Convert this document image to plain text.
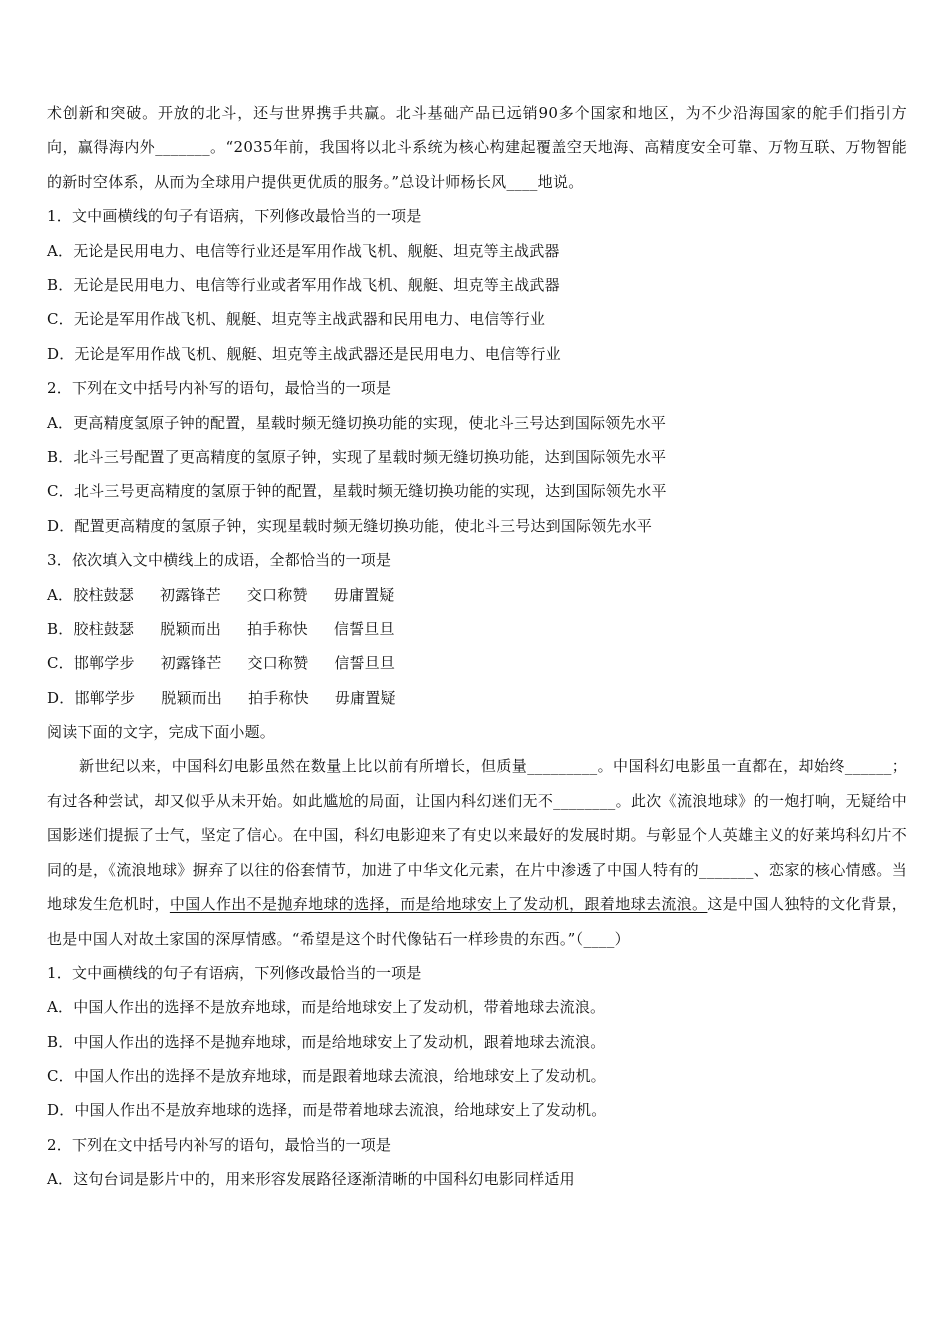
术创新和突破。开放的北斗，还与世界携手共赢。北斗基础产品已远销90多个国家和地区，为不少沿海国家的舵手们指引方向，赢得海内外_______。“2035年前，我国将以北斗系统为核心构建起覆盖空天地海、高精度安全可靠、万物互联、万物智能的新时空体系，从而为全球用户提供更优质的服务。”总设计师杨长风____地说。

1．文中画横线的句子有语病，下列修改最恰当的一项是
A．无论是民用电力、电信等行业还是军用作战飞机、舰艇、坦克等主战武器
B．无论是民用电力、电信等行业或者军用作战飞机、舰艇、坦克等主战武器
C．无论是军用作战飞机、舰艇、坦克等主战武器和民用电力、电信等行业
D．无论是军用作战飞机、舰艇、坦克等主战武器还是民用电力、电信等行业
2．下列在文中括号内补写的语句，最恰当的一项是
A．更高精度氢原子钟的配置，星载时频无缝切换功能的实现，使北斗三号达到国际领先水平
B．北斗三号配置了更高精度的氢原子钟，实现了星载时频无缝切换功能，达到国际领先水平
C．北斗三号更高精度的氢原于钟的配置，星载时频无缝切换功能的实现，达到国际领先水平
D．配置更高精度的氢原子钟，实现星载时频无缝切换功能，使北斗三号达到国际领先水平
3．依次填入文中横线上的成语，全都恰当的一项是
A．胶柱鼓瑟 初露锋芒 交口称赞 毋庸置疑
B．胶柱鼓瑟 脱颖而出 拍手称快 信誓旦旦
C．邯郸学步 初露锋芒 交口称赞 信誓旦旦
D．邯郸学步 脱颖而出 拍手称快 毋庸置疑
阅读下面的文字，完成下面小题。

新世纪以来，中国科幻电影虽然在数量上比以前有所增长，但质量_________。中国科幻电影虽一直都在，却始终______；有过各种尝试，却又似乎从未开始。如此尴尬的局面，让国内科幻迷们无不________。此次《流浪地球》的一炮打响，无疑给中国影迷们提振了士气，坚定了信心。在中国，科幻电影迎来了有史以来最好的发展时期。与彰显个人英雄主义的好莱坞科幻片不同的是，《流浪地球》摒弃了以往的俗套情节，加进了中华文化元素，在片中渗透了中国人特有的_______、恋家的核心情感。当地球发生危机时，中国人作出不是抛弃地球的选择，而是给地球安上了发动机，跟着地球去流浪。这是中国人独特的文化背景，也是中国人对故土家国的深厚情感。“希望是这个时代像钻石一样珍贵的东西。”（____）

1．文中画横线的句子有语病，下列修改最恰当的一项是
A．中国人作出的选择不是放弃地球，而是给地球安上了发动机，带着地球去流浪。
B．中国人作出的选择不是抛弃地球，而是给地球安上了发动机，跟着地球去流浪。
C．中国人作出的选择不是放弃地球，而是跟着地球去流浪，给地球安上了发动机。
D．中国人作出不是放弃地球的选择，而是带着地球去流浪，给地球安上了发动机。
2．下列在文中括号内补写的语句，最恰当的一项是
A．这句台词是影片中的，用来形容发展路径逐渐清晰的中国科幻电影同样适用
